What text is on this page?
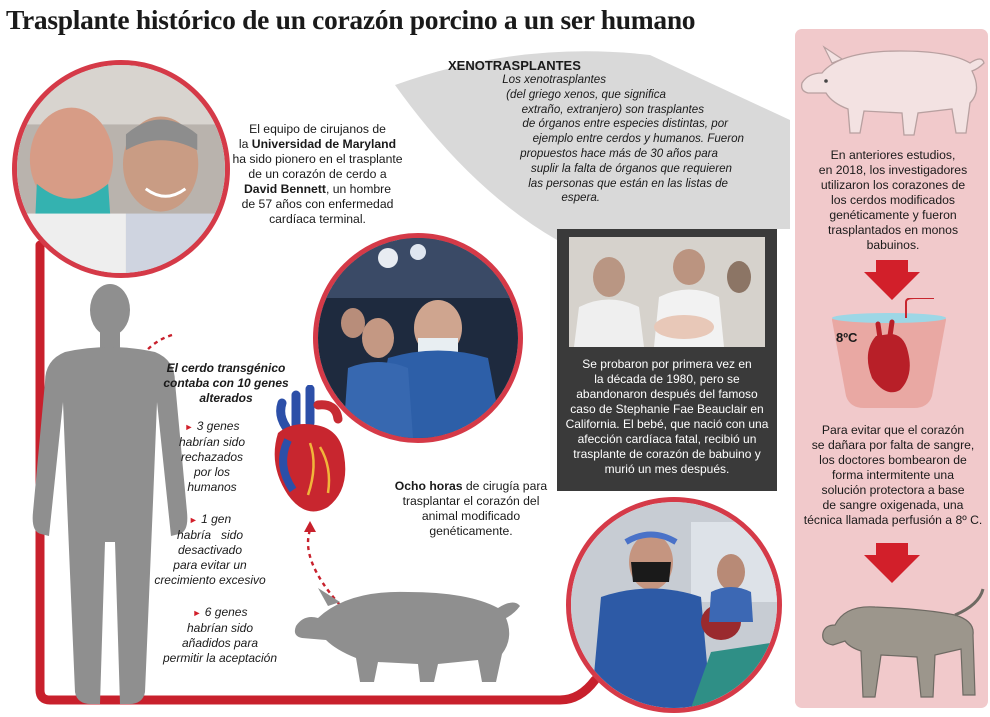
Trasplante histórico de un corazón porcino a un ser humano
El equipo de cirujanos de
la Universidad de Maryland
ha sido pionero en el trasplante
de un corazón de cerdo a
David Bennett, un hombre
de 57 años con enfermedad
cardíaca terminal.
XENOTRASPLANTES
Los xenotrasplantes
(del griego xenos, que significa
extraño, extranjero) son trasplantes
de órganos entre especies distintas, por
ejemplo entre cerdos y humanos. Fueron
propuestos hace más de 30 años para
suplir la falta de órganos que requieren
las personas que están en las listas de
espera.
Se probaron por primera vez en
la década de 1980, pero se
abandonaron después del famoso
caso de Stephanie Fae Beauclair en
California. El bebé, que nació con una
afección cardíaca fatal, recibió un
trasplante de corazón de babuino y
murió un mes después.
El cerdo transgénico
contaba con 10 genes
alterados
► 3 genes
habrían sido
rechazados
por los
humanos
► 1 gen
habría   sido
desactivado
para evitar un
crecimiento excesivo
► 6 genes
habrían sido
añadidos para
permitir la aceptación
Ocho horas de cirugía para
trasplantar el corazón del
animal modificado
genéticamente.
En anteriores estudios,
en 2018, los investigadores
utilizaron los corazones de
los cerdos modificados
genéticamente y fueron
trasplantados en monos
babuinos.
8ºC
Para evitar que el corazón
se dañara por falta de sangre,
los doctores bombearon de
forma intermitente una
solución protectora a base
de sangre oxigenada, una
técnica llamada perfusión a 8º C.
